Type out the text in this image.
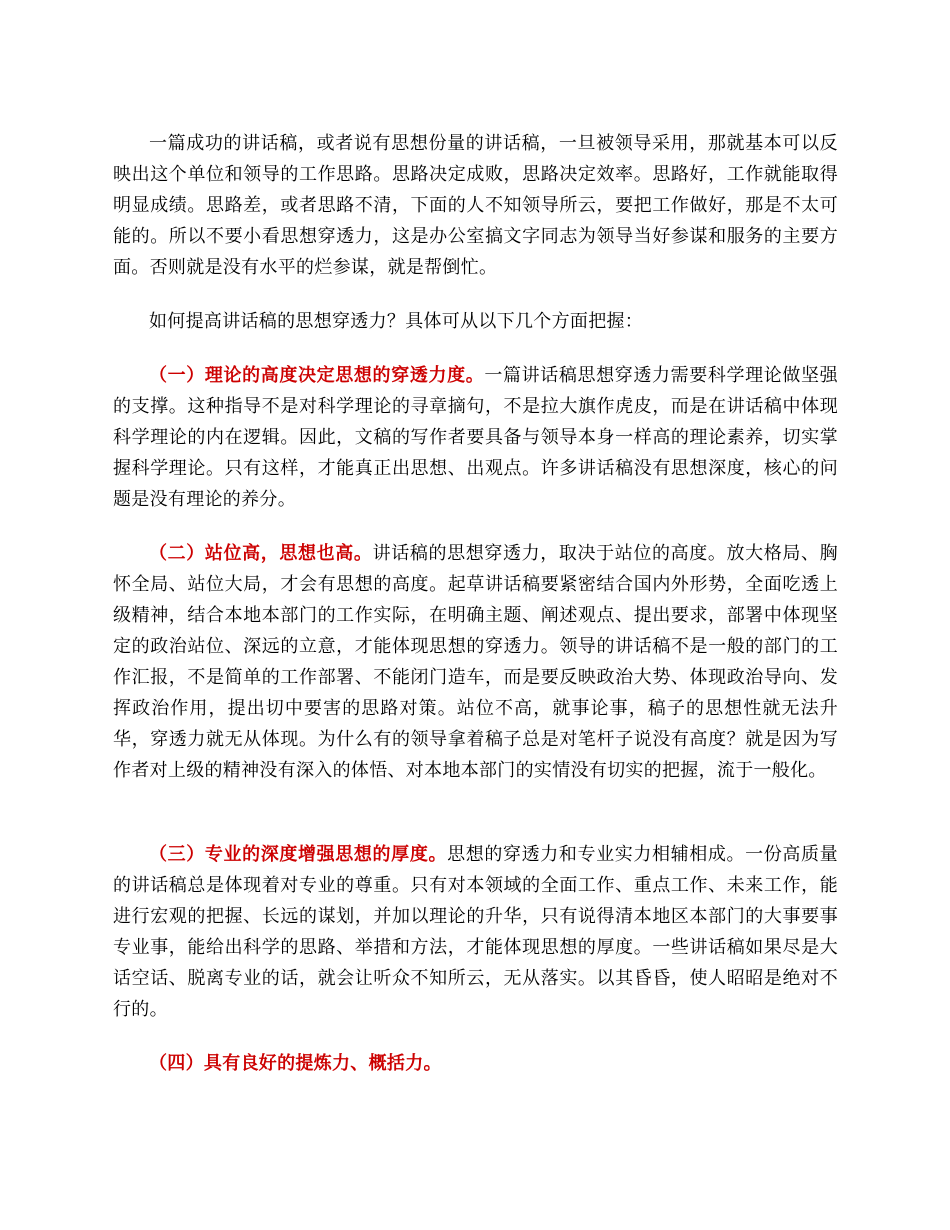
一篇成功的讲话稿，或者说有思想份量的讲话稿，一旦被领导采用，那就基本可以反映出这个单位和领导的工作思路。思路决定成败，思路决定效率。思路好，工作就能取得明显成绩。思路差，或者思路不清，下面的人不知领导所云，要把工作做好，那是不太可能的。所以不要小看思想穿透力，这是办公室搞文字同志为领导当好参谋和服务的主要方面。否则就是没有水平的烂参谋，就是帮倒忙。

如何提高讲话稿的思想穿透力？具体可从以下几个方面把握：

（一）理论的高度决定思想的穿透力度。一篇讲话稿思想穿透力需要科学理论做坚强的支撑。这种指导不是对科学理论的寻章摘句，不是拉大旗作虎皮，而是在讲话稿中体现科学理论的内在逻辑。因此，文稿的写作者要具备与领导本身一样高的理论素养，切实掌握科学理论。只有这样，才能真正出思想、出观点。许多讲话稿没有思想深度，核心的问题是没有理论的养分。

（二）站位高，思想也高。讲话稿的思想穿透力，取决于站位的高度。放大格局、胸怀全局、站位大局，才会有思想的高度。起草讲话稿要紧密结合国内外形势，全面吃透上级精神，结合本地本部门的工作实际，在明确主题、阐述观点、提出要求，部署中体现坚定的政治站位、深远的立意，才能体现思想的穿透力。领导的讲话稿不是一般的部门的工作汇报，不是简单的工作部署、不能闭门造车，而是要反映政治大势、体现政治导向、发挥政治作用，提出切中要害的思路对策。站位不高，就事论事，稿子的思想性就无法升华，穿透力就无从体现。为什么有的领导拿着稿子总是对笔杆子说没有高度？就是因为写作者对上级的精神没有深入的体悟、对本地本部门的实情没有切实的把握，流于一般化。

（三）专业的深度增强思想的厚度。思想的穿透力和专业实力相辅相成。一份高质量的讲话稿总是体现着对专业的尊重。只有对本领域的全面工作、重点工作、未来工作，能进行宏观的把握、长远的谋划，并加以理论的升华，只有说得清本地区本部门的大事要事专业事，能给出科学的思路、举措和方法，才能体现思想的厚度。一些讲话稿如果尽是大话空话、脱离专业的话，就会让听众不知所云，无从落实。以其昏昏，使人昭昭是绝对不行的。

（四）具有良好的提炼力、概括力。
